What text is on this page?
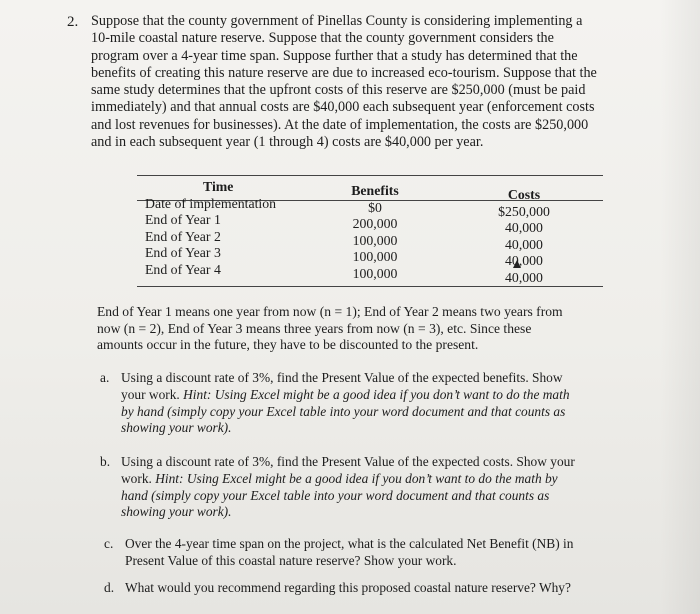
2. Suppose that the county government of Pinellas County is considering implementing a
10-mile coastal nature reserve. Suppose that the county government considers the
program over a 4-year time span. Suppose further that a study has determined that the
benefits of creating this nature reserve are due to increased eco-tourism. Suppose that the
same study determines that the upfront costs of this reserve are $250,000 (must be paid
immediately) and that annual costs are $40,000 each subsequent year (enforcement costs
and lost revenues for businesses). At the date of implementation, the costs are $250,000
and in each subsequent year (1 through 4) costs are $40,000 per year.
Time
Date of implementation
End of Year 1
End of Year 2
End of Year 3
End of Year 4
Benefits
$0
200,000
100,000
100,000
100,000
Costs
$250,000
40,000
40,000
40,000
40,000
End of Year 1 means one year from now (n = 1); End of Year 2 means two years from
now (n = 2), End of Year 3 means three years from now (n = 3), etc. Since these
amounts occur in the future, they have to be discounted to the present.
a. Using a discount rate of 3%, find the Present Value of the expected benefits. Show
your work. Hint: Using Excel might be a good idea if you don’t want to do the math
by hand (simply copy your Excel table into your word document and that counts as
showing your work).
b. Using a discount rate of 3%, find the Present Value of the expected costs. Show your
work. Hint: Using Excel might be a good idea if you don’t want to do the math by
hand (simply copy your Excel table into your word document and that counts as
showing your work).
c. Over the 4-year time span on the project, what is the calculated Net Benefit (NB) in
Present Value of this coastal nature reserve? Show your work.
d. What would you recommend regarding this proposed coastal nature reserve? Why?
